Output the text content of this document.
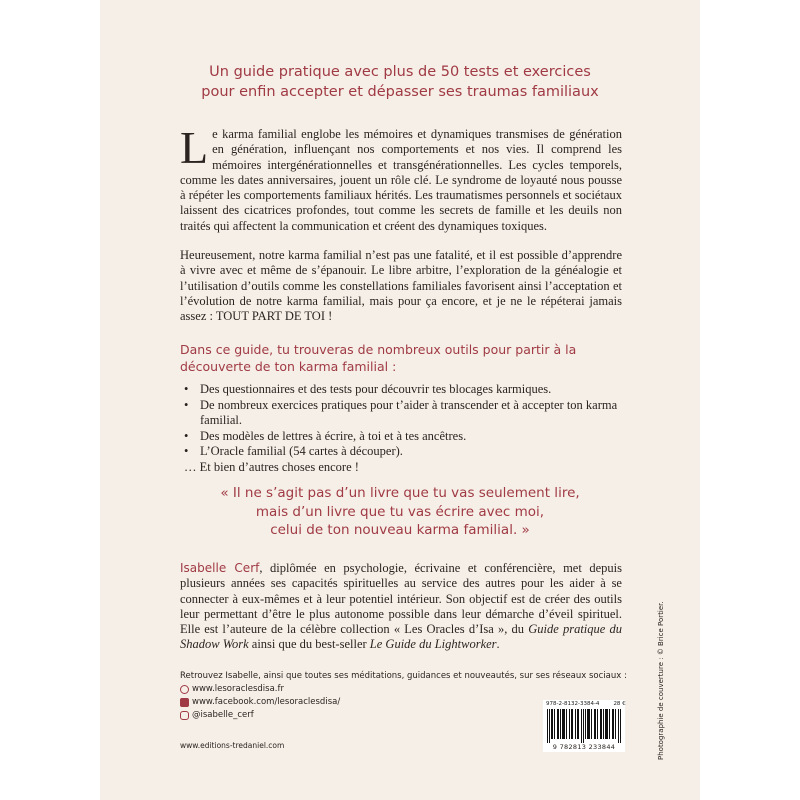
Un guide pratique avec plus de 50 tests et exercices
pour enfin accepter et dépasser ses traumas familiaux
Le karma familial englobe les mémoires et dynamiques transmises de génération en génération, influençant nos comportements et nos vies. Il comprend les mémoires intergénérationnelles et transgénérationnelles. Les cycles temporels, comme les dates anniversaires, jouent un rôle clé. Le syndrome de loyauté nous pousse à répéter les comportements familiaux hérités. Les traumatismes personnels et sociétaux laissent des cicatrices profondes, tout comme les secrets de famille et les deuils non traités qui affectent la communication et créent des dynamiques toxiques.
Heureusement, notre karma familial n’est pas une fatalité, et il est possible d’apprendre à vivre avec et même de s’épanouir. Le libre arbitre, l’exploration de la généalogie et l’utilisation d’outils comme les constellations familiales favorisent ainsi l’acceptation et l’évolution de notre karma familial, mais pour ça encore, et je ne le répéterai jamais assez : TOUT PART DE TOI !
Dans ce guide, tu trouveras de nombreux outils pour partir à la découverte de ton karma familial :
• Des questionnaires et des tests pour découvrir tes blocages karmiques.
• De nombreux exercices pratiques pour t’aider à transcender et à accepter ton karma familial.
• Des modèles de lettres à écrire, à toi et à tes ancêtres.
• L’Oracle familial (54 cartes à découper).
… Et bien d’autres choses encore !
« Il ne s’agit pas d’un livre que tu vas seulement lire,
mais d’un livre que tu vas écrire avec moi,
celui de ton nouveau karma familial. »
Isabelle Cerf, diplômée en psychologie, écrivaine et conférencière, met depuis plusieurs années ses capacités spirituelles au service des autres pour les aider à se connecter à eux-mêmes et à leur potentiel intérieur. Son objectif est de créer des outils leur permettant d’être le plus autonome possible dans leur démarche d’éveil spirituel. Elle est l’auteure de la célèbre collection « Les Oracles d’Isa », du Guide pratique du Shadow Work ainsi que du best-seller Le Guide du Lightworker.
Retrouvez Isabelle, ainsi que toutes ses méditations, guidances et nouveautés, sur ses réseaux sociaux :
www.lesoraclesdisa.fr
www.facebook.com/lesoraclesdisa/
@isabelle_cerf
www.editions-tredaniel.com
978-2-8132-3384-4	28 €
9 782813 233844	Photographie de couverture : © Brice Portier.
